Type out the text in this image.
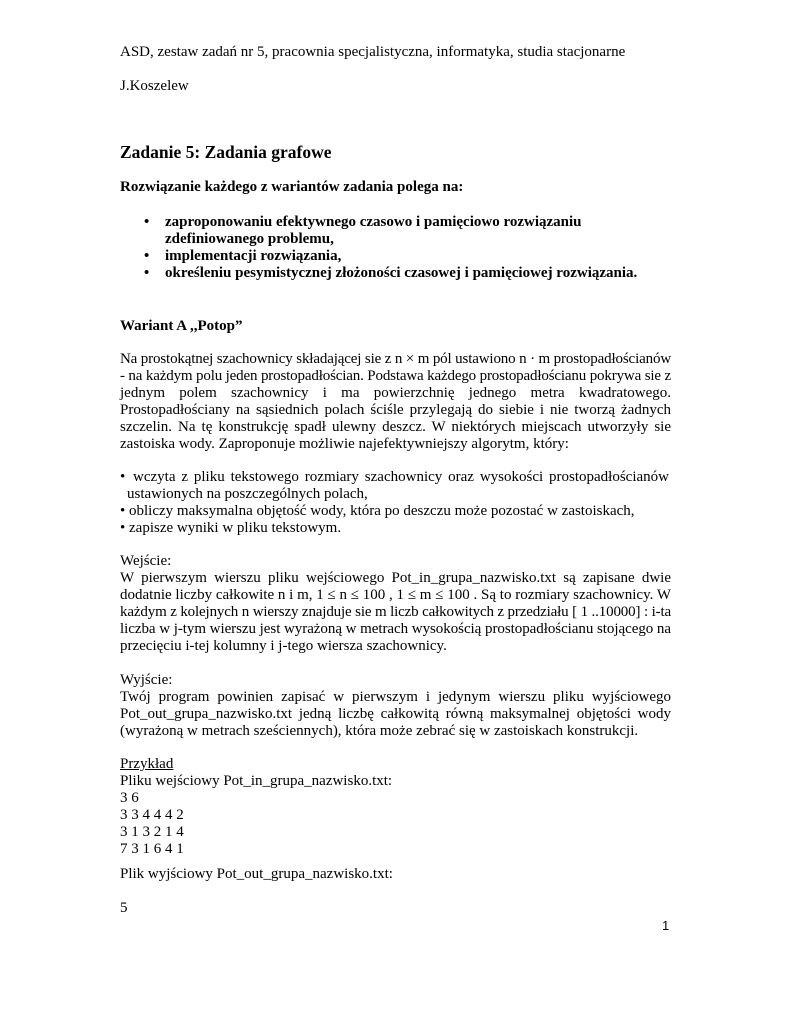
ASD, zestaw zadań nr 5, pracownia specjalistyczna, informatyka, studia stacjonarne
J.Koszelew
Zadanie 5: Zadania grafowe
Rozwiązanie każdego z wariantów zadania polega na:
•	zaproponowaniu efektywnego czasowo i pamięciowo rozwiązaniu zdefiniowanego problemu,
•	implementacji rozwiązania,
•	określeniu pesymistycznej złożoności czasowej i pamięciowej rozwiązania.
Wariant A ,,Potop”
Na prostokątnej szachownicy składającej sie z n × m pól ustawiono n · m prostopadłościanów
- na każdym polu jeden prostopadłościan. Podstawa każdego prostopadłościanu pokrywa sie z
jednym polem szachownicy i ma powierzchnię jednego metra kwadratowego.
Prostopadłościany na sąsiednich polach ściśle przylegają do siebie i nie tworzą żadnych
szczelin. Na tę konstrukcję spadł ulewny deszcz. W niektórych miejscach utworzyły sie
zastoiska wody. Zaproponuje możliwie najefektywniejszy algorytm, który:
• wczyta z pliku tekstowego rozmiary szachownicy oraz wysokości prostopadłościanów
ustawionych na poszczególnych polach,
• obliczy maksymalna objętość wody, która po deszczu może pozostać w zastoiskach,
• zapisze wyniki w pliku tekstowym.
Wejście:
W pierwszym wierszu pliku wejściowego Pot_in_grupa_nazwisko.txt są zapisane dwie
dodatnie liczby całkowite n i m, 1 ≤ n ≤ 100 , 1 ≤ m ≤ 100 . Są to rozmiary szachownicy. W
każdym z kolejnych n wierszy znajduje sie m liczb całkowitych z przedziału [ 1 ..10000] : i-ta
liczba w j-tym wierszu jest wyrażoną w metrach wysokością prostopadłościanu stojącego na
przecięciu i-tej kolumny i j-tego wiersza szachownicy.
Wyjście:
Twój program powinien zapisać w pierwszym i jedynym wierszu pliku wyjściowego
Pot_out_grupa_nazwisko.txt jedną liczbę całkowitą równą maksymalnej objętości wody
(wyrażoną w metrach sześciennych), która może zebrać się w zastoiskach konstrukcji.
Przykład
Pliku wejściowy Pot_in_grupa_nazwisko.txt:
3 6
3 3 4 4 4 2
3 1 3 2 1 4
7 3 1 6 4 1
Plik wyjściowy Pot_out_grupa_nazwisko.txt:
5
1
